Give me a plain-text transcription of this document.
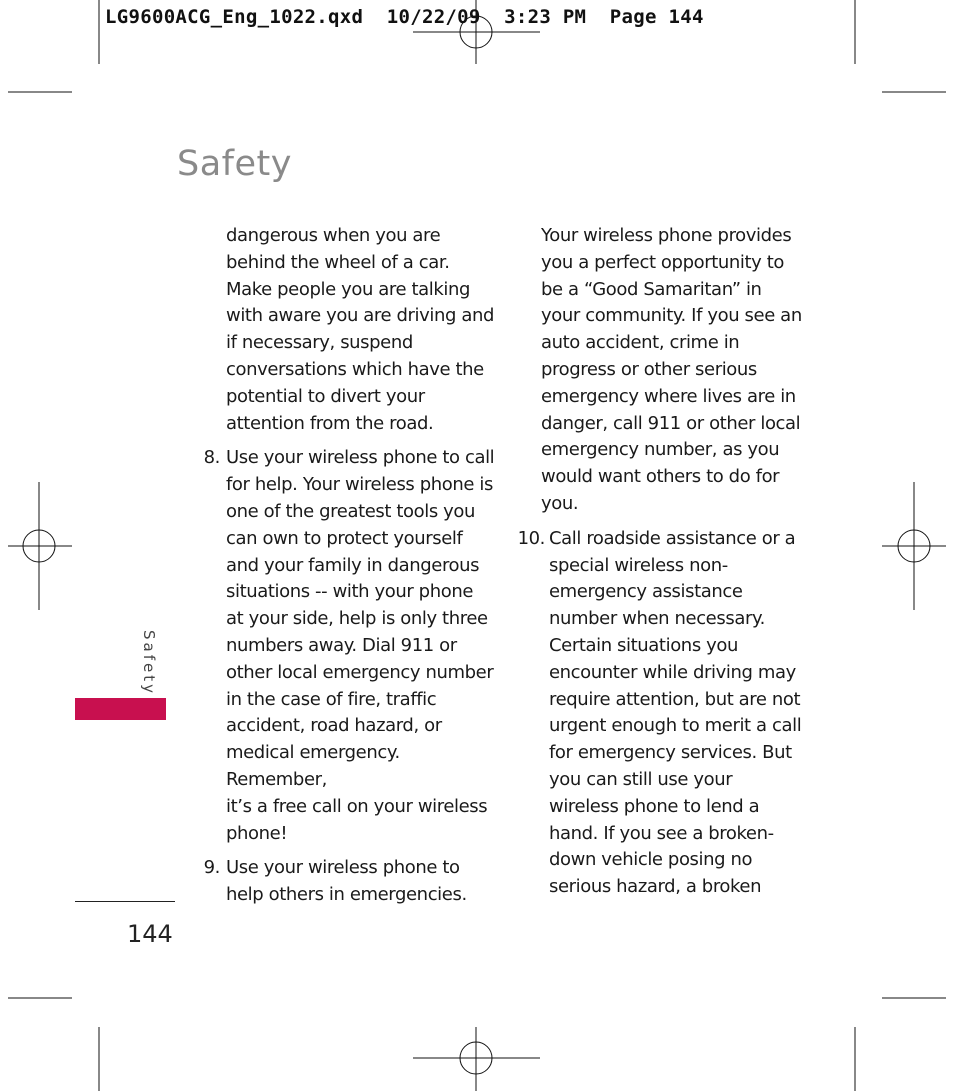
LG9600ACG_Eng_1022.qxd  10/22/09  3:23 PM  Page 144
Safety

dangerous when you are

behind the wheel of a car.

Make people you are talking

with aware you are driving and

if necessary, suspend

conversations which have the

potential to divert your

attention from the road.

8. Use your wireless phone to call

for help. Your wireless phone is

one of the greatest tools you

can own to protect yourself

and your family in dangerous

situations -- with your phone

at your side, help is only three

numbers away. Dial 911 or

other local emergency number

in the case of fire, traffic

accident, road hazard, or

medical emergency. Remember,

it’s a free call on your wireless

phone!

9. Use your wireless phone to

help others in emergencies.

Your wireless phone provides

you a perfect opportunity to

be a “Good Samaritan” in

your community. If you see an

auto accident, crime in

progress or other serious

emergency where lives are in

danger, call 911 or other local

emergency number, as you

would want others to do for

you.

10. Call roadside assistance or a

special wireless non-

emergency assistance

number when necessary.

Certain situations you

encounter while driving may

require attention, but are not

urgent enough to merit a call

for emergency services. But

you can still use your

wireless phone to lend a

hand. If you see a broken-

down vehicle posing no

serious hazard, a broken

Safety
144
